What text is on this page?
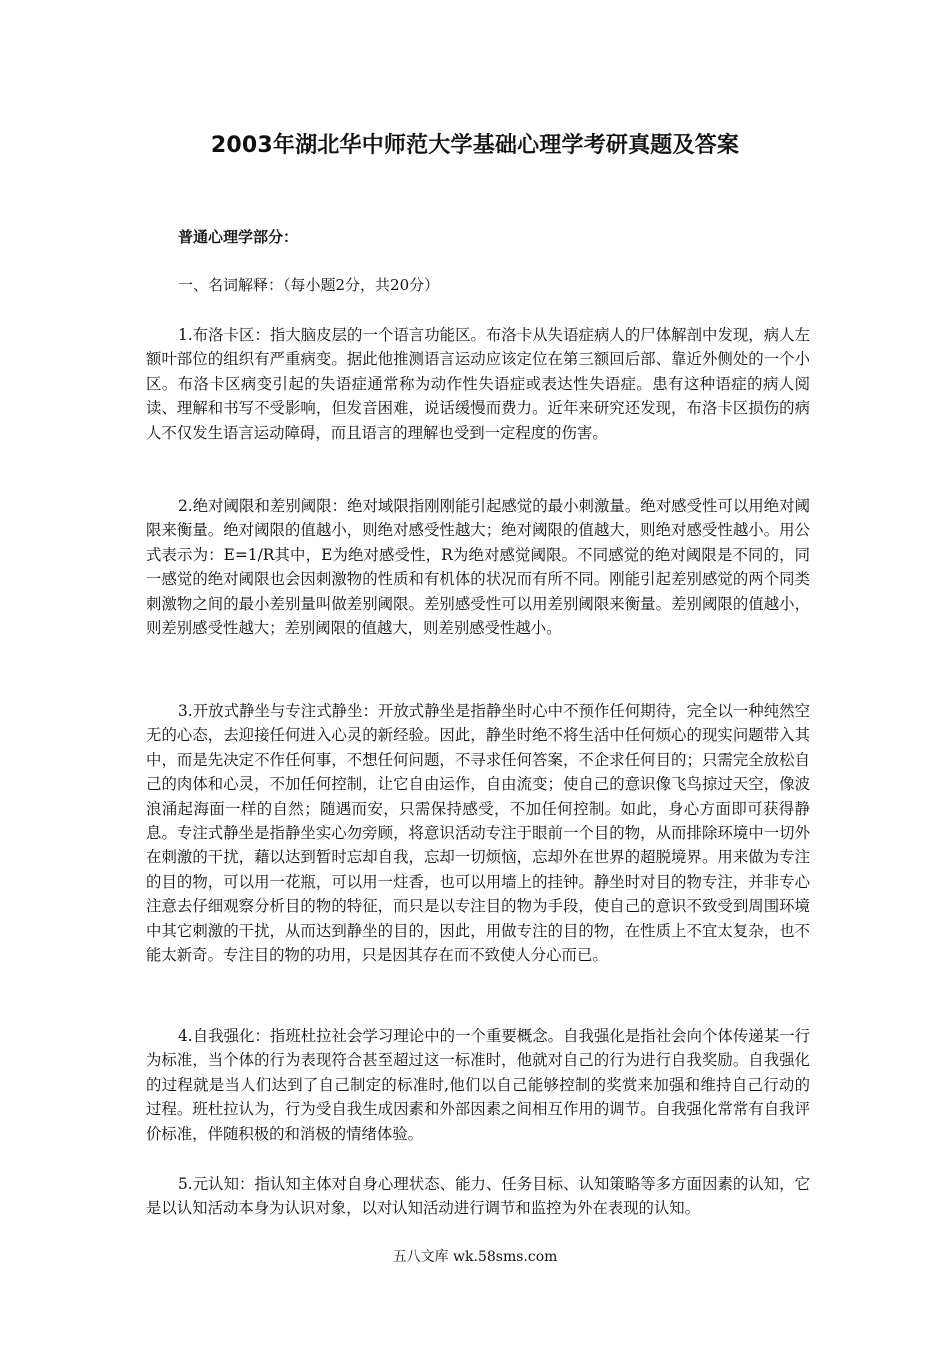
2003年湖北华中师范大学基础心理学考研真题及答案
普通心理学部分：
一、名词解释：（每小题2分，共20分）

1.布洛卡区：指大脑皮层的一个语言功能区。布洛卡从失语症病人的尸体解剖中发现，病人左额叶部位的组织有严重病变。据此他推测语言运动应该定位在第三额回后部、靠近外侧处的一个小区。布洛卡区病变引起的失语症通常称为动作性失语症或表达性失语症。患有这种语症的病人阅读、理解和书写不受影响，但发音困难，说话缓慢而费力。近年来研究还发现，布洛卡区损伤的病人不仅发生语言运动障碍，而且语言的理解也受到一定程度的伤害。

2.绝对阈限和差别阈限：绝对域限指刚刚能引起感觉的最小刺激量。绝对感受性可以用绝对阈限来衡量。绝对阈限的值越小，则绝对感受性越大；绝对阈限的值越大，则绝对感受性越小。用公式表示为：E=1/R其中，E为绝对感受性，R为绝对感觉阈限。不同感觉的绝对阈限是不同的，同一感觉的绝对阈限也会因刺激物的性质和有机体的状况而有所不同。刚能引起差别感觉的两个同类刺激物之间的最小差别量叫做差别阈限。差别感受性可以用差别阈限来衡量。差别阈限的值越小，则差别感受性越大；差别阈限的值越大，则差别感受性越小。

3.开放式静坐与专注式静坐：开放式静坐是指静坐时心中不预作任何期待，完全以一种纯然空无的心态，去迎接任何进入心灵的新经验。因此，静坐时绝不将生活中任何烦心的现实问题带入其中，而是先决定不作任何事，不想任何问题，不寻求任何答案，不企求任何目的；只需完全放松自己的肉体和心灵，不加任何控制，让它自由运作，自由流变；使自己的意识像飞鸟掠过天空，像波浪涌起海面一样的自然；随遇而安，只需保持感受，不加任何控制。如此，身心方面即可获得静息。专注式静坐是指静坐实心勿旁顾，将意识活动专注于眼前一个目的物，从而排除环境中一切外在刺激的干扰，藉以达到暂时忘却自我，忘却一切烦恼，忘却外在世界的超脱境界。用来做为专注的目的物，可以用一花瓶，可以用一炷香，也可以用墙上的挂钟。静坐时对目的物专注，并非专心注意去仔细观察分析目的物的特征，而只是以专注目的物为手段，使自己的意识不致受到周围环境中其它刺激的干扰，从而达到静坐的目的，因此，用做专注的目的物，在性质上不宜太复杂，也不能太新奇。专注目的物的功用，只是因其存在而不致使人分心而已。

4.自我强化：指班杜拉社会学习理论中的一个重要概念。自我强化是指社会向个体传递某一行为标准，当个体的行为表现符合甚至超过这一标准时，他就对自己的行为进行自我奖励。自我强化的过程就是当人们达到了自己制定的标准时,他们以自己能够控制的奖赏来加强和维持自己行动的过程。班杜拉认为，行为受自我生成因素和外部因素之间相互作用的调节。自我强化常常有自我评价标准，伴随积极的和消极的情绪体验。

5.元认知：指认知主体对自身心理状态、能力、任务目标、认知策略等多方面因素的认知，它是以认知活动本身为认识对象，以对认知活动进行调节和监控为外在表现的认知。

五八文库 wk.58sms.com
